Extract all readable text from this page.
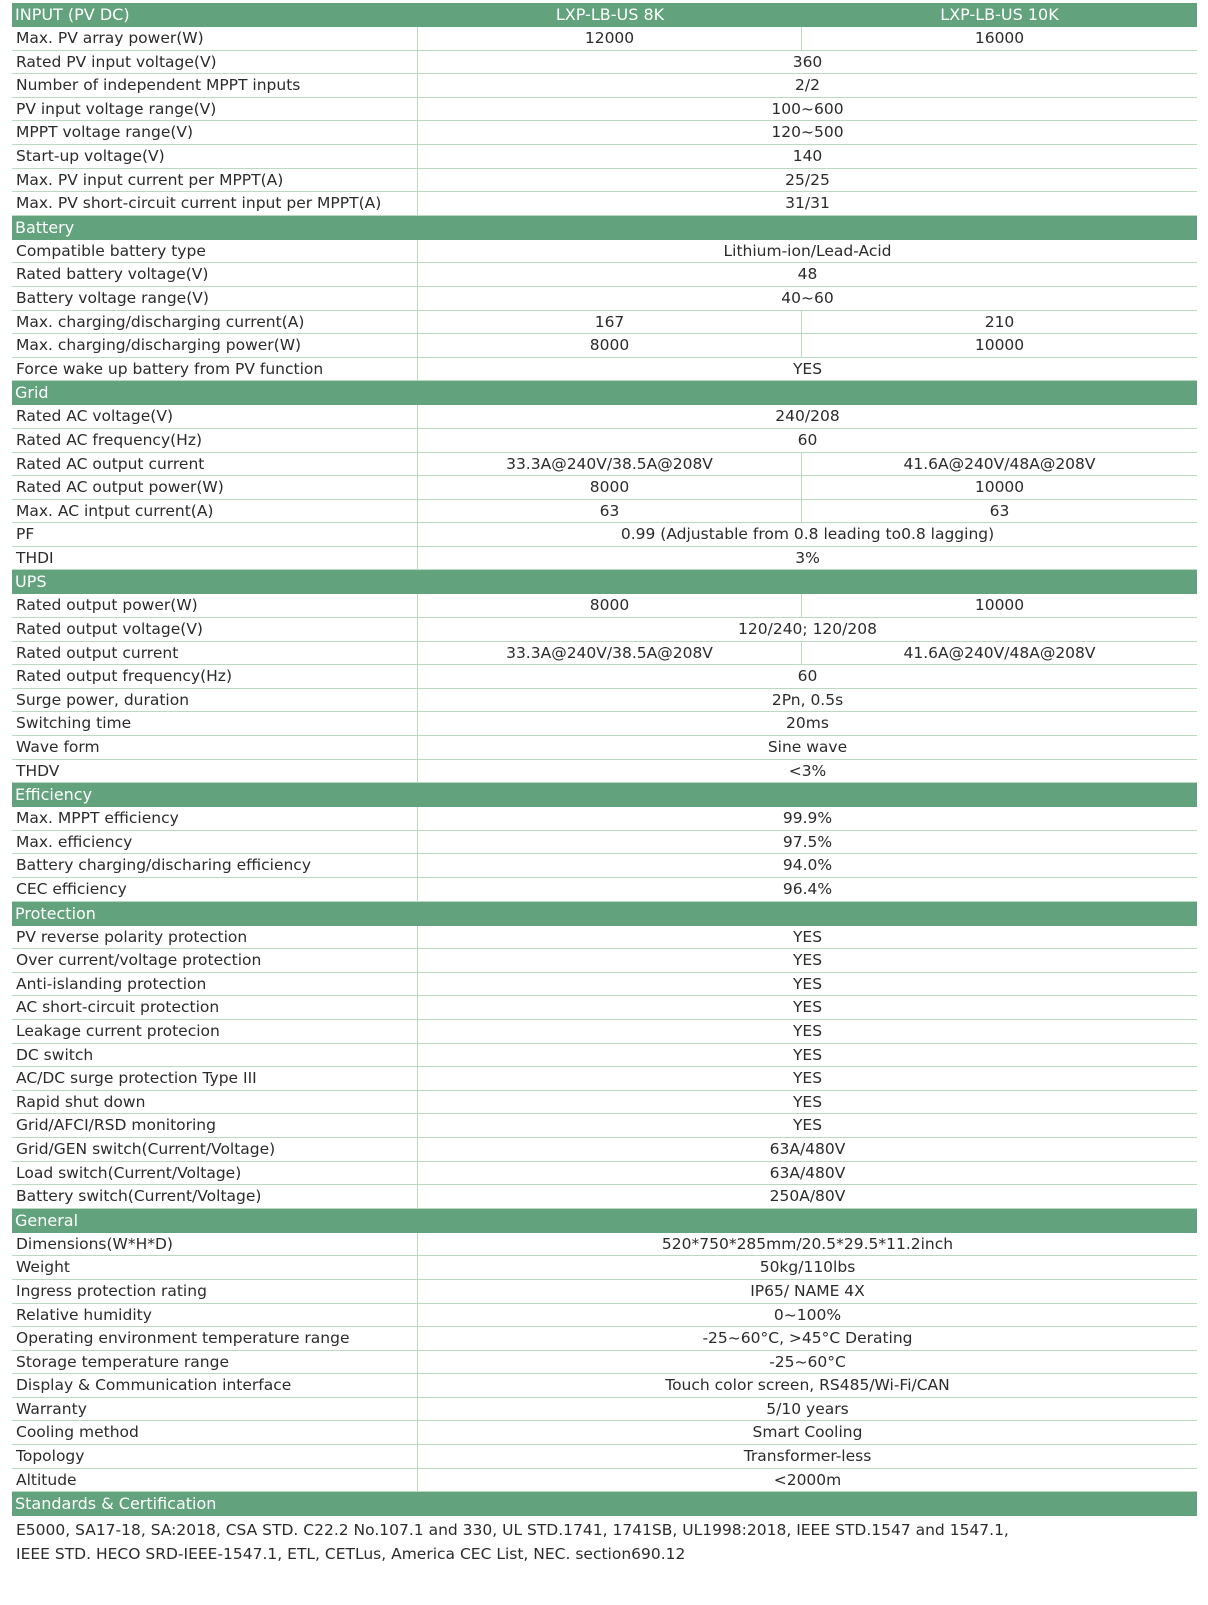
INPUT (PV DC)	LXP-LB-US 8K	LXP-LB-US 10K
Max. PV array power(W)	12000	16000
Rated PV input voltage(V)	360
Number of independent MPPT inputs	2/2
PV input voltage range(V)	100~600
MPPT voltage range(V)	120~500
Start-up voltage(V)	140
Max. PV input current per MPPT(A)	25/25
Max. PV short-circuit current input per MPPT(A)	31/31
Battery
Compatible battery type	Lithium-ion/Lead-Acid
Rated battery voltage(V)	48
Battery voltage range(V)	40~60
Max. charging/discharging current(A)	167	210
Max. charging/discharging power(W)	8000	10000
Force wake up battery from PV function	YES
Grid
Rated AC voltage(V)	240/208
Rated AC frequency(Hz)	60
Rated AC output current	33.3A@240V/38.5A@208V	41.6A@240V/48A@208V
Rated AC output power(W)	8000	10000
Max. AC intput current(A)	63	63
PF	0.99 (Adjustable from 0.8 leading to0.8 lagging)
THDI	3%
UPS
Rated output power(W)	8000	10000
Rated output voltage(V)	120/240; 120/208
Rated output current	33.3A@240V/38.5A@208V	41.6A@240V/48A@208V
Rated output frequency(Hz)	60
Surge power, duration	2Pn, 0.5s
Switching time	20ms
Wave form	Sine wave
THDV	<3%
Efficiency
Max. MPPT efficiency	99.9%
Max. efficiency	97.5%
Battery charging/discharing efficiency	94.0%
CEC efficiency	96.4%
Protection
PV reverse polarity protection	YES
Over current/voltage protection	YES
Anti-islanding protection	YES
AC short-circuit protection	YES
Leakage current protecion	YES
DC switch	YES
AC/DC surge protection Type III	YES
Rapid shut down	YES
Grid/AFCI/RSD monitoring	YES
Grid/GEN switch(Current/Voltage)	63A/480V
Load switch(Current/Voltage)	63A/480V
Battery switch(Current/Voltage)	250A/80V
General
Dimensions(W*H*D)	520*750*285mm/20.5*29.5*11.2inch
Weight	50kg/110lbs
Ingress protection rating	IP65/ NAME 4X
Relative humidity	0~100%
Operating environment temperature range	-25~60°C, >45°C Derating
Storage temperature range	-25~60°C
Display & Communication interface	Touch color screen, RS485/Wi-Fi/CAN
Warranty	5/10 years
Cooling method	Smart Cooling
Topology	Transformer-less
Altitude	<2000m
Standards & Certification
E5000, SA17-18, SA:2018, CSA STD. C22.2 No.107.1 and 330, UL STD.1741, 1741SB, UL1998:2018, IEEE STD.1547 and 1547.1,
IEEE STD. HECO SRD-IEEE-1547.1, ETL, CETLus, America CEC List, NEC. section690.12
